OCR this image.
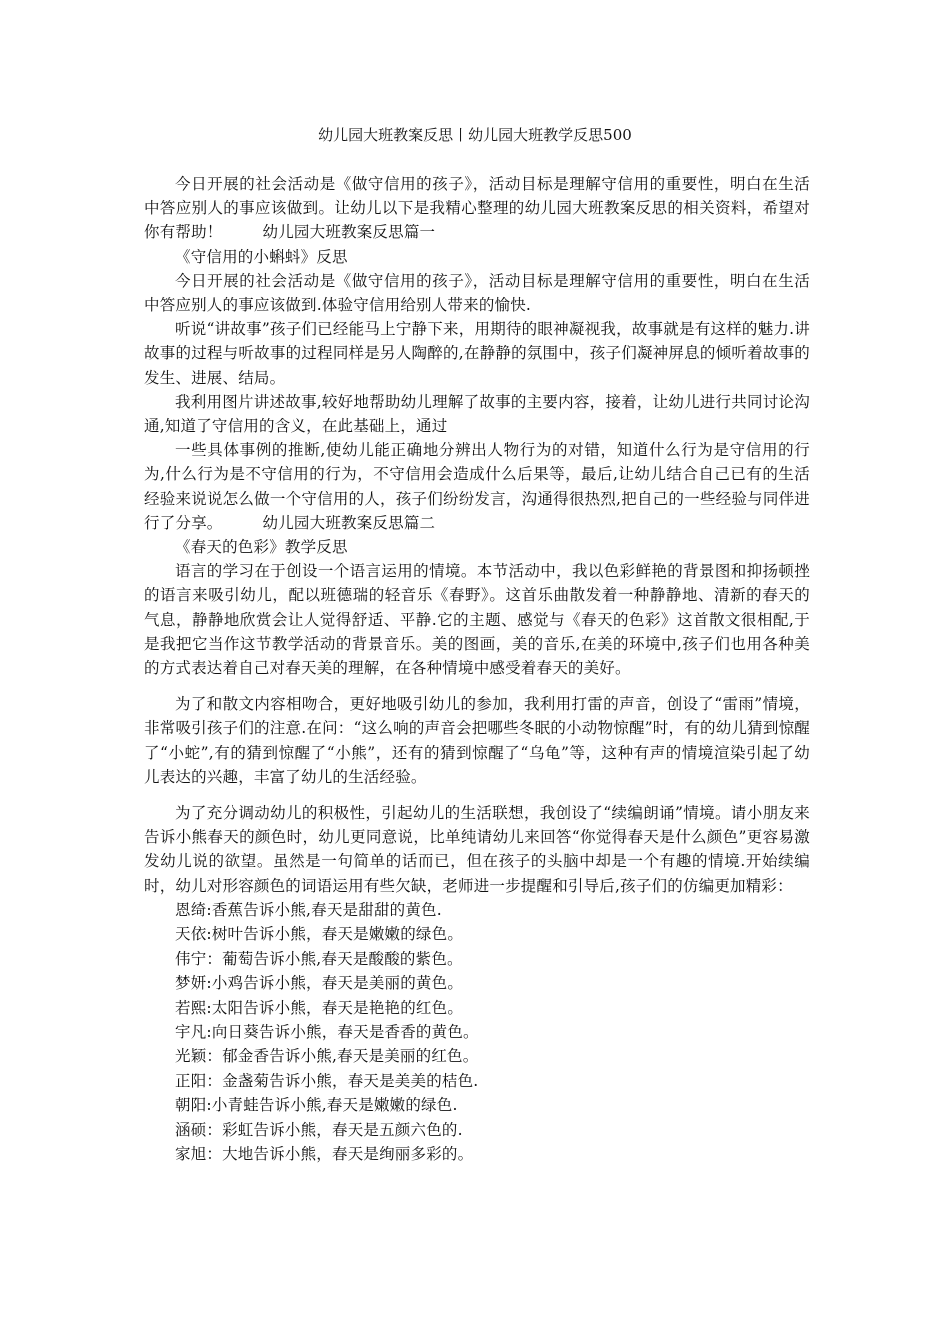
幼儿园大班教案反思丨幼儿园大班教学反思500

今日开展的社会活动是《做守信用的孩子》，活动目标是理解守信用的重要性，明白在生活中答应别人的事应该做到。让幼儿以下是我精心整理的幼儿园大班教案反思的相关资料，希望对你有帮助！	幼儿园大班教案反思篇一

《守信用的小蝌蚪》反思

今日开展的社会活动是《做守信用的孩子》，活动目标是理解守信用的重要性，明白在生活中答应别人的事应该做到.体验守信用给别人带来的愉快.

听说“讲故事”孩子们已经能马上宁静下来，用期待的眼神凝视我，故事就是有这样的魅力.讲故事的过程与听故事的过程同样是另人陶醉的,在静静的氛围中，孩子们凝神屏息的倾听着故事的发生、进展、结局。

我利用图片讲述故事,较好地帮助幼儿理解了故事的主要内容，接着，让幼儿进行共同讨论沟通,知道了守信用的含义，在此基础上，通过

一些具体事例的推断,使幼儿能正确地分辨出人物行为的对错，知道什么行为是守信用的行为,什么行为是不守信用的行为，不守信用会造成什么后果等，最后,让幼儿结合自己已有的生活经验来说说怎么做一个守信用的人，孩子们纷纷发言，沟通得很热烈,把自己的一些经验与同伴进行了分享。	幼儿园大班教案反思篇二

《春天的色彩》教学反思

语言的学习在于创设一个语言运用的情境。本节活动中，我以色彩鲜艳的背景图和抑扬顿挫的语言来吸引幼儿，配以班德瑞的轻音乐《春野》。这首乐曲散发着一种静静地、清新的春天的气息，静静地欣赏会让人觉得舒适、平静.它的主题、感觉与《春天的色彩》这首散文很相配,于是我把它当作这节教学活动的背景音乐。美的图画，美的音乐,在美的环境中,孩子们也用各种美的方式表达着自己对春天美的理解，在各种情境中感受着春天的美好。

为了和散文内容相吻合，更好地吸引幼儿的参加，我利用打雷的声音，创设了“雷雨”情境，非常吸引孩子们的注意.在问：“这么响的声音会把哪些冬眠的小动物惊醒”时，有的幼儿猜到惊醒了“小蛇”,有的猜到惊醒了“小熊”，还有的猜到惊醒了“乌龟”等，这种有声的情境渲染引起了幼儿表达的兴趣，丰富了幼儿的生活经验。

为了充分调动幼儿的积极性，引起幼儿的生活联想，我创设了“续编朗诵”情境。请小朋友来告诉小熊春天的颜色时，幼儿更同意说，比单纯请幼儿来回答“你觉得春天是什么颜色”更容易激发幼儿说的欲望。虽然是一句简单的话而已，但在孩子的头脑中却是一个有趣的情境.开始续编时，幼儿对形容颜色的词语运用有些欠缺，老师进一步提醒和引导后,孩子们的仿编更加精彩：

恩绮:香蕉告诉小熊,春天是甜甜的黄色.

天依:树叶告诉小熊，春天是嫩嫩的绿色。

伟宁：葡萄告诉小熊,春天是酸酸的紫色。

梦妍:小鸡告诉小熊，春天是美丽的黄色。

若熙:太阳告诉小熊，春天是艳艳的红色。

宇凡:向日葵告诉小熊，春天是香香的黄色。

光颖：郁金香告诉小熊,春天是美丽的红色。

正阳：金盏菊告诉小熊，春天是美美的桔色.

朝阳:小青蛙告诉小熊,春天是嫩嫩的绿色.

涵硕：彩虹告诉小熊，春天是五颜六色的.

家旭：大地告诉小熊，春天是绚丽多彩的。
